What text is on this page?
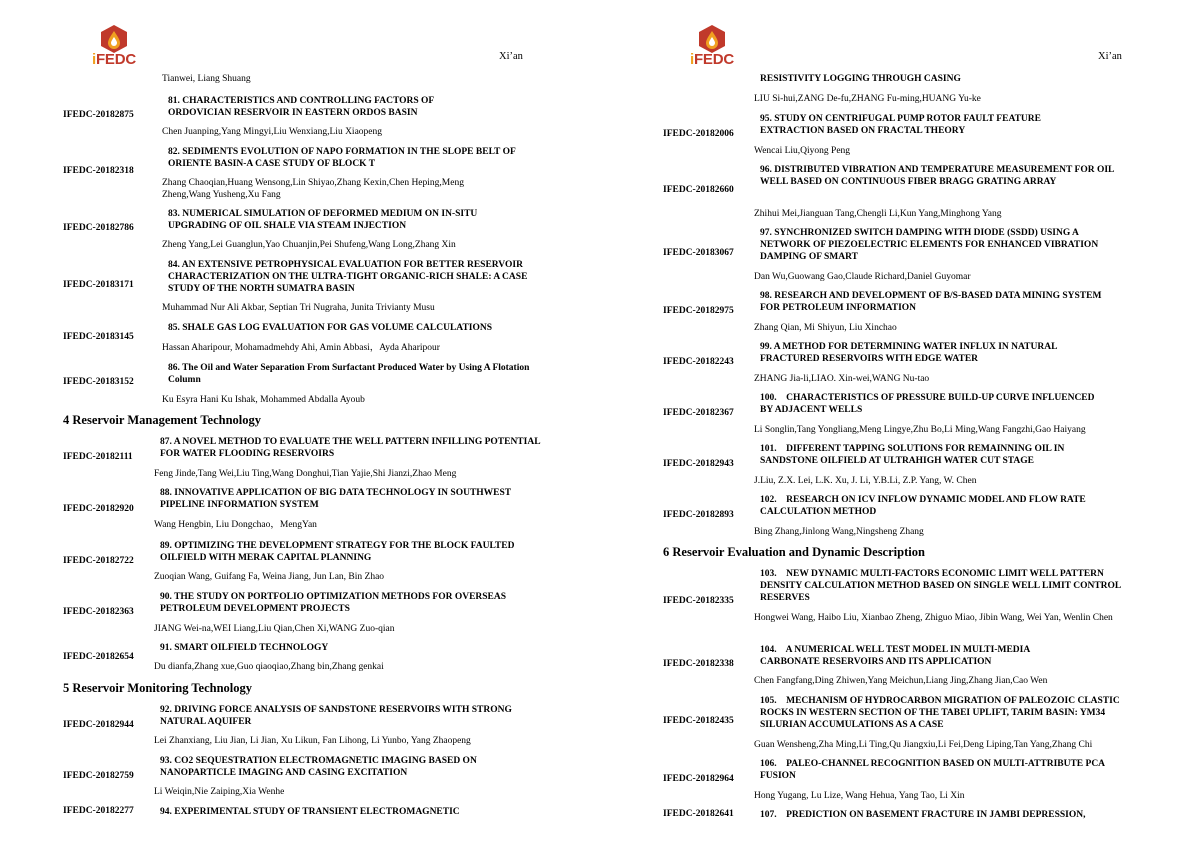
iFEDC	Xi’an
Tianwei, Liang Shuang
IFEDC-20182875
81. CHARACTERISTICS AND CONTROLLING FACTORS OF ORDOVICIAN RESERVOIR IN EASTERN ORDOS BASIN
Chen Juanping,Yang Mingyi,Liu Wenxiang,Liu Xiaopeng
IFEDC-20182318
82. SEDIMENTS EVOLUTION OF NAPO FORMATION IN THE SLOPE BELT OF ORIENTE BASIN-A CASE STUDY OF BLOCK T
Zhang Chaoqian,Huang Wensong,Lin Shiyao,Zhang Kexin,Chen Heping,Meng Zheng,Wang Yusheng,Xu Fang
IFEDC-20182786
83. NUMERICAL SIMULATION OF DEFORMED MEDIUM ON IN-SITU UPGRADING OF OIL SHALE VIA STEAM INJECTION
Zheng Yang,Lei Guanglun,Yao Chuanjin,Pei Shufeng,Wang Long,Zhang Xin
IFEDC-20183171
84. AN EXTENSIVE PETROPHYSICAL EVALUATION FOR BETTER RESERVOIR CHARACTERIZATION ON THE ULTRA-TIGHT ORGANIC-RICH SHALE: A CASE STUDY OF THE NORTH SUMATRA BASIN
Muhammad Nur Ali Akbar, Septian Tri Nugraha, Junita Trivianty Musu
IFEDC-20183145
85. SHALE GAS LOG EVALUATION FOR GAS VOLUME CALCULATIONS
Hassan Aharipour, Mohamadmehdy Ahi, Amin Abbasi，Ayda Aharipour
IFEDC-20183152
86. The Oil and Water Separation From Surfactant Produced Water by Using A Flotation Column
Ku Esyra Hani Ku Ishak, Mohammed Abdalla Ayoub
4 Reservoir Management Technology
IFEDC-20182111
87. A NOVEL METHOD TO EVALUATE THE WELL PATTERN INFILLING POTENTIAL FOR WATER FLOODING RESERVOIRS
Feng Jinde,Tang Wei,Liu Ting,Wang Donghui,Tian Yajie,Shi Jianzi,Zhao Meng
IFEDC-20182920
88. INNOVATIVE APPLICATION OF BIG DATA TECHNOLOGY IN SOUTHWEST PIPELINE INFORMATION SYSTEM
Wang Hengbin, Liu Dongchao，MengYan
IFEDC-20182722
89. OPTIMIZING THE DEVELOPMENT STRATEGY FOR THE BLOCK FAULTED OILFIELD WITH MERAK CAPITAL PLANNING
Zuoqian Wang, Guifang Fa, Weina Jiang, Jun Lan, Bin Zhao
IFEDC-20182363
90. THE STUDY ON PORTFOLIO OPTIMIZATION METHODS FOR OVERSEAS PETROLEUM DEVELOPMENT PROJECTS
JIANG Wei-na,WEI Liang,Liu Qian,Chen Xi,WANG Zuo-qian
IFEDC-20182654
91. SMART OILFIELD TECHNOLOGY
Du dianfa,Zhang xue,Guo qiaoqiao,Zhang bin,Zhang genkai
5 Reservoir Monitoring Technology
IFEDC-20182944
92. DRIVING FORCE ANALYSIS OF SANDSTONE RESERVOIRS WITH STRONG NATURAL AQUIFER
Lei Zhanxiang, Liu Jian, Li Jian, Xu Likun, Fan Lihong, Li Yunbo, Yang Zhaopeng
IFEDC-20182759
93. CO2 SEQUESTRATION ELECTROMAGNETIC IMAGING BASED ON NANOPARTICLE IMAGING AND CASING EXCITATION
Li Weiqin,Nie Zaiping,Xia Wenhe
IFEDC-20182277	94. EXPERIMENTAL STUDY OF TRANSIENT ELECTROMAGNETIC
iFEDC	Xi’an
RESISTIVITY LOGGING THROUGH CASING
LIU Si-hui,ZANG De-fu,ZHANG Fu-ming,HUANG Yu-ke
IFEDC-20182006
95. STUDY ON CENTRIFUGAL PUMP ROTOR FAULT FEATURE EXTRACTION BASED ON FRACTAL THEORY
Wencai Liu,Qiyong Peng
IFEDC-20182660
96. DISTRIBUTED VIBRATION AND TEMPERATURE MEASUREMENT FOR OIL WELL BASED ON CONTINUOUS FIBER BRAGG GRATING ARRAY
Zhihui Mei,Jianguan Tang,Chengli Li,Kun Yang,Minghong Yang
IFEDC-20183067
97. SYNCHRONIZED SWITCH DAMPING WITH DIODE (SSDD) USING A NETWORK OF PIEZOELECTRIC ELEMENTS FOR ENHANCED VIBRATION DAMPING OF SMART
Dan Wu,Guowang Gao,Claude Richard,Daniel Guyomar
IFEDC-20182975
98. RESEARCH AND DEVELOPMENT OF B/S-BASED DATA MINING SYSTEM FOR PETROLEUM INFORMATION
Zhang Qian, Mi Shiyun, Liu Xinchao
IFEDC-20182243
99. A METHOD FOR DETERMINING WATER INFLUX IN NATURAL FRACTURED RESERVOIRS WITH EDGE WATER
ZHANG Jia-li,LIAO. Xin-wei,WANG Nu-tao
IFEDC-20182367
100.    CHARACTERISTICS OF PRESSURE BUILD-UP CURVE INFLUENCED BY ADJACENT WELLS
Li Songlin,Tang Yongliang,Meng Lingye,Zhu Bo,Li Ming,Wang Fangzhi,Gao Haiyang
IFEDC-20182943
101.    DIFFERENT TAPPING SOLUTIONS FOR REMAINNING OIL IN SANDSTONE OILFIELD AT ULTRAHIGH WATER CUT STAGE
J.Liu, Z.X. Lei, L.K. Xu, J. Li, Y.B.Li, Z.P. Yang, W. Chen
IFEDC-20182893
102.    RESEARCH ON ICV INFLOW DYNAMIC MODEL AND FLOW RATE CALCULATION METHOD
Bing Zhang,Jinlong Wang,Ningsheng Zhang
6 Reservoir Evaluation and Dynamic Description
IFEDC-20182335
103.    NEW DYNAMIC MULTI-FACTORS ECONOMIC LIMIT WELL PATTERN DENSITY CALCULATION METHOD BASED ON SINGLE WELL LIMIT CONTROL RESERVES
Hongwei Wang, Haibo Liu, Xianbao Zheng, Zhiguo Miao, Jibin Wang, Wei Yan, Wenlin Chen
IFEDC-20182338
104.    A NUMERICAL WELL TEST MODEL IN MULTI-MEDIA CARBONATE RESERVOIRS AND ITS APPLICATION
Chen Fangfang,Ding Zhiwen,Yang Meichun,Liang Jing,Zhang Jian,Cao Wen
IFEDC-20182435
105.    MECHANISM OF HYDROCARBON MIGRATION OF PALEOZOIC CLASTIC ROCKS IN WESTERN SECTION OF THE TABEI UPLIFT, TARIM BASIN: YM34 SILURIAN ACCUMULATIONS AS A CASE
Guan Wensheng,Zha Ming,Li Ting,Qu Jiangxiu,Li Fei,Deng Liping,Tan Yang,Zhang Chi
IFEDC-20182964
106.    PALEO-CHANNEL RECOGNITION BASED ON MULTI-ATTRIBUTE PCA FUSION
Hong Yugang, Lu Lize, Wang Hehua, Yang Tao, Li Xin
IFEDC-20182641	107.    PREDICTION ON BASEMENT FRACTURE IN JAMBI DEPRESSION,
